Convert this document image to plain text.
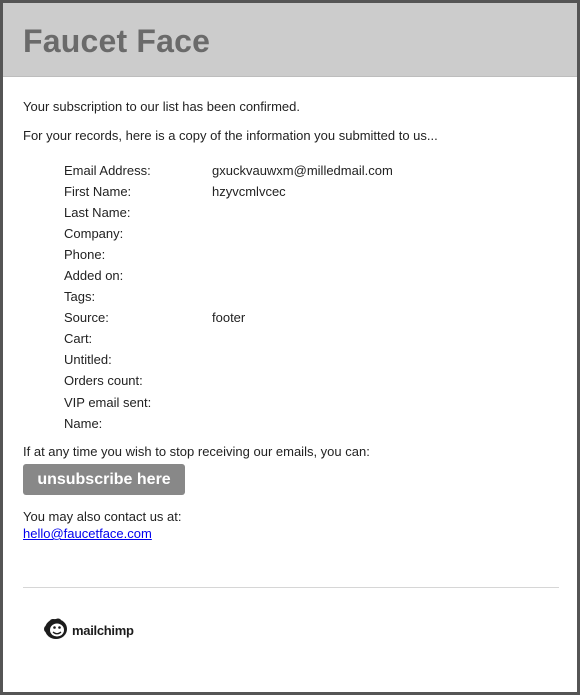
Faucet Face
Your subscription to our list has been confirmed.
For your records, here is a copy of the information you submitted to us...
Email Address:	gxuckvauwxm@milledmail.com
First Name:	hzyvcmlvcec
Last Name:
Company:
Phone:
Added on:
Tags:
Source:	footer
Cart:
Untitled:
Orders count:
VIP email sent:
Name:
If at any time you wish to stop receiving our emails, you can:
unsubscribe here
You may also contact us at:
hello@faucetface.com
mailchimp
